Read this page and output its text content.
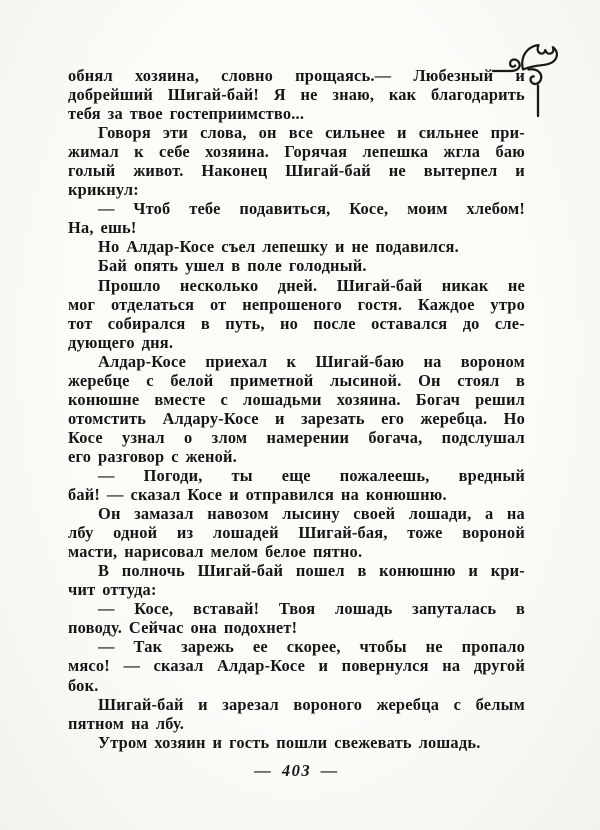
обнял хозяина, словно прощаясь.— Любезный и
добрейший Шигай-бай! Я не знаю, как благодарить
тебя за твое гостеприимство...
Говоря эти слова, он все сильнее и сильнее при-
жимал к себе хозяина. Горячая лепешка жгла баю
голый живот. Наконец Шигай-бай не вытерпел и
крикнул:
— Чтоб тебе подавиться, Косе, моим хлебом!
На, ешь!
Но Алдар-Косе съел лепешку и не подавился.
Бай опять ушел в поле голодный.
Прошло несколько дней. Шигай-бай никак не
мог отделаться от непрошеного гостя. Каждое утро
тот собирался в путь, но после оставался до сле-
дующего дня.
Алдар-Косе приехал к Шигай-баю на вороном
жеребце с белой приметной лысиной. Он стоял в
конюшне вместе с лошадьми хозяина. Богач решил
отомстить Алдару-Косе и зарезать его жеребца. Но
Косе узнал о злом намерении богача, подслушал
его разговор с женой.
— Погоди, ты еще пожалеешь, вредный
бай! — сказал Косе и отправился на конюшню.
Он замазал навозом лысину своей лошади, а на
лбу одной из лошадей Шигай-бая, тоже вороной
масти, нарисовал мелом белое пятно.
В полночь Шигай-бай пошел в конюшню и кри-
чит оттуда:
— Косе, вставай! Твоя лошадь запуталась в
поводу. Сейчас она подохнет!
— Так зарежь ее скорее, чтобы не пропало
мясо! — сказал Алдар-Косе и повернулся на другой
бок.
Шигай-бай и зарезал вороного жеребца с белым
пятном на лбу.
Утром хозяин и гость пошли свежевать лошадь.
— 403 —
